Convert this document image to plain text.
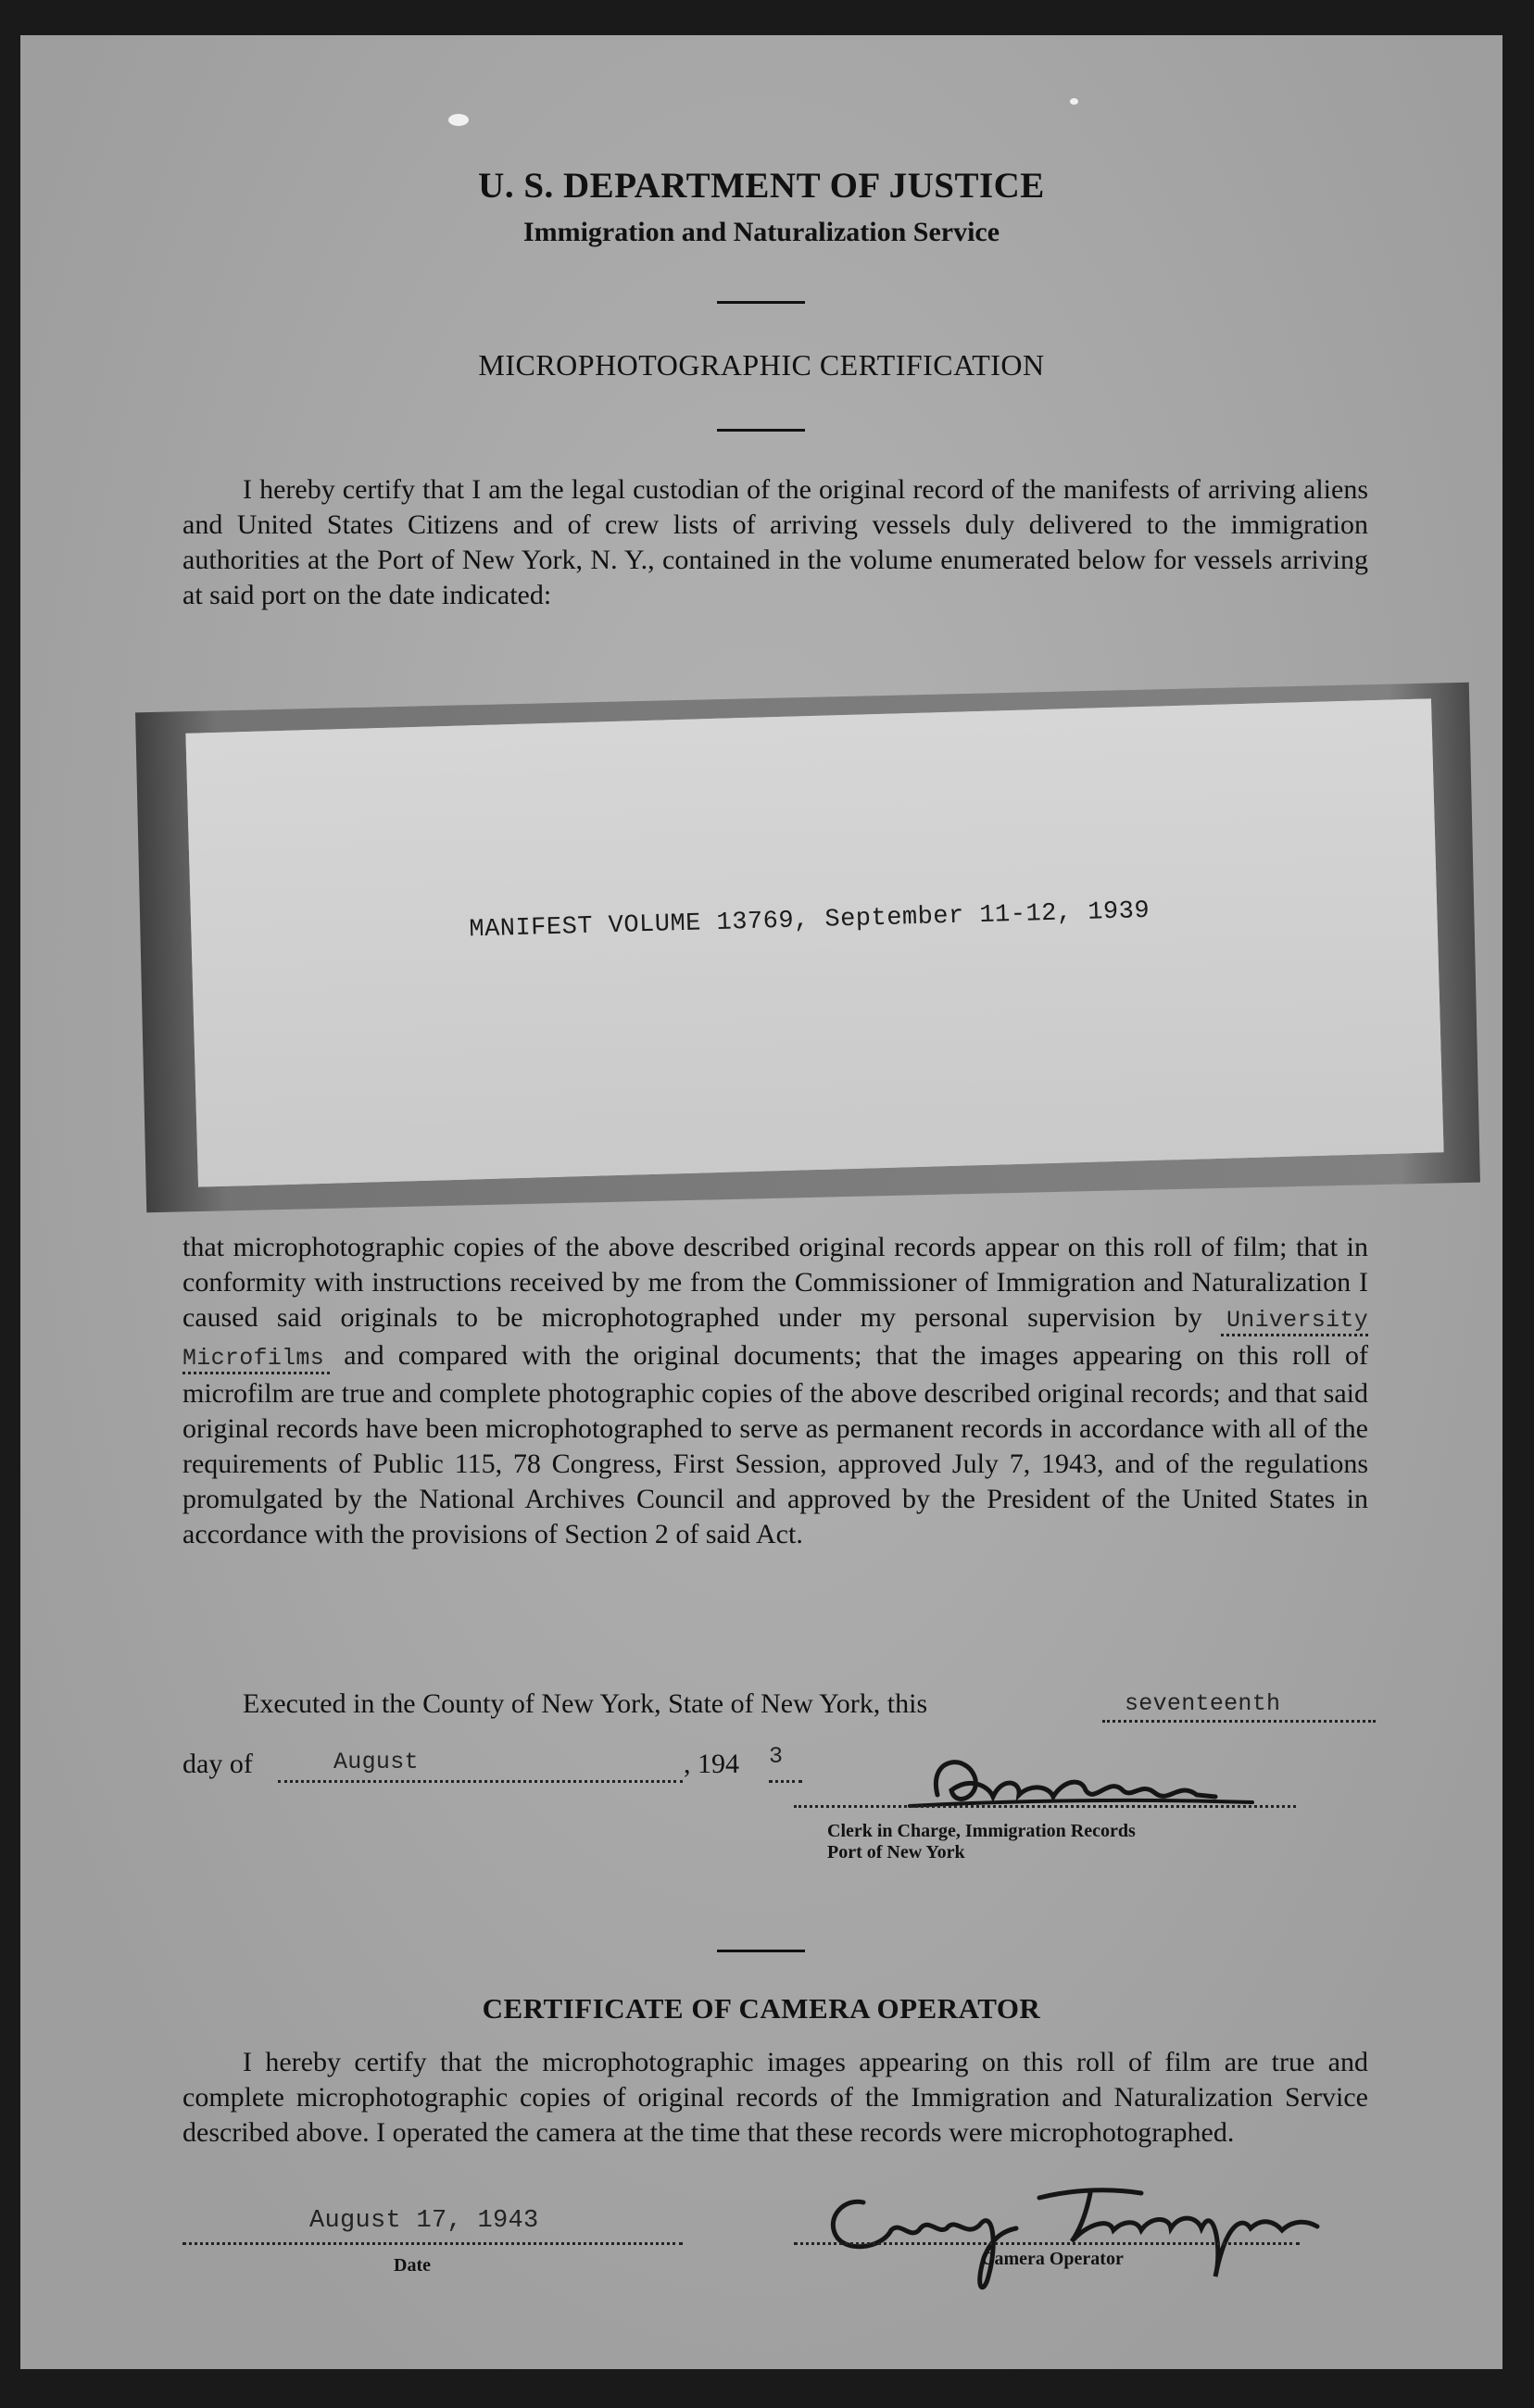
U. S. DEPARTMENT OF JUSTICE
Immigration and Naturalization Service
MICROPHOTOGRAPHIC CERTIFICATION
I hereby certify that I am the legal custodian of the original record of the manifests of arriving aliens and United States Citizens and of crew lists of arriving vessels duly delivered to the immigration authorities at the Port of New York, N. Y., contained in the volume enumerated below for vessels arriving at said port on the date indicated:
MANIFEST VOLUME 13769, September 11-12, 1939
that microphotographic copies of the above described original records appear on this roll of film; that in conformity with instructions received by me from the Commissioner of Immigration and Naturalization I caused said originals to be microphotographed under my personal supervision by University Microfilms and compared with the original documents; that the images appearing on this roll of microfilm are true and complete photographic copies of the above described original records; and that said original records have been microphotographed to serve as permanent records in accordance with all of the requirements of Public 115, 78 Congress, First Session, approved July 7, 1943, and of the regulations promulgated by the National Archives Council and approved by the President of the United States in accordance with the provisions of Section 2 of said Act.
Executed in the County of New York, State of New York, this	seventeenth
day of	August	, 194 3
Clerk in Charge, Immigration Records
Port of New York
CERTIFICATE OF CAMERA OPERATOR
I hereby certify that the microphotographic images appearing on this roll of film are true and complete microphotographic copies of original records of the Immigration and Naturalization Service described above. I operated the camera at the time that these records were microphotographed.
August 17, 1943
Date	Camera Operator
